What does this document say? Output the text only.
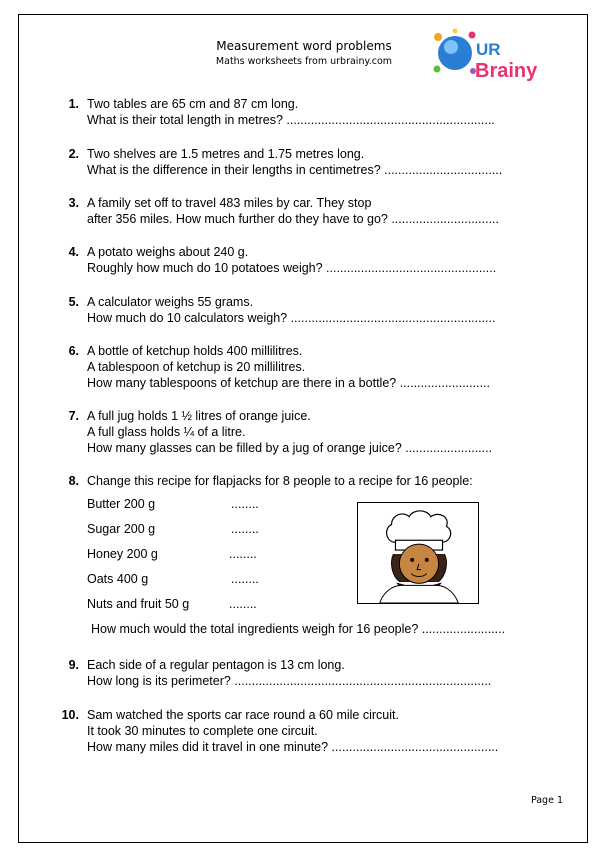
Measurement word problems
Maths worksheets from urbrainy.com
UR
Brainy
1. Two tables are 65 cm and 87 cm long.
What is their total length in metres? ............................................................
2. Two shelves are 1.5 metres and 1.75 metres long.
What is the difference in their lengths in centimetres? ..................................
3. A family set off to travel 483 miles by car. They stop
after 356 miles. How much further do they have to go? ...............................
4. A potato weighs about 240 g.
Roughly how much do 10 potatoes weigh? .................................................
5. A calculator weighs 55 grams.
How much do 10 calculators weigh? ...........................................................
6. A bottle of ketchup holds 400 millilitres.
A tablespoon of ketchup is 20 millilitres.
How many tablespoons of ketchup are there in a bottle? ..........................
7. A full jug holds 1 ½ litres of orange juice.
A full glass holds ¼ of a litre.
How many glasses can be filled by a jug of orange juice? .........................
8. Change this recipe for flapjacks for 8 people to a recipe for 16 people:
9. Each side of a regular pentagon is 13 cm long.
How long is its perimeter? ..........................................................................
10. Sam watched the sports car race round a 60 mile circuit.
It took 30 minutes to complete one circuit.
How many miles did it travel in one minute? ................................................
Butter 200 g	........
Sugar 200 g	........
Honey 200 g	........
Oats 400 g	........
Nuts and fruit 50 g	........
How much would the total ingredients weigh for 16 people? ........................
Page 1
